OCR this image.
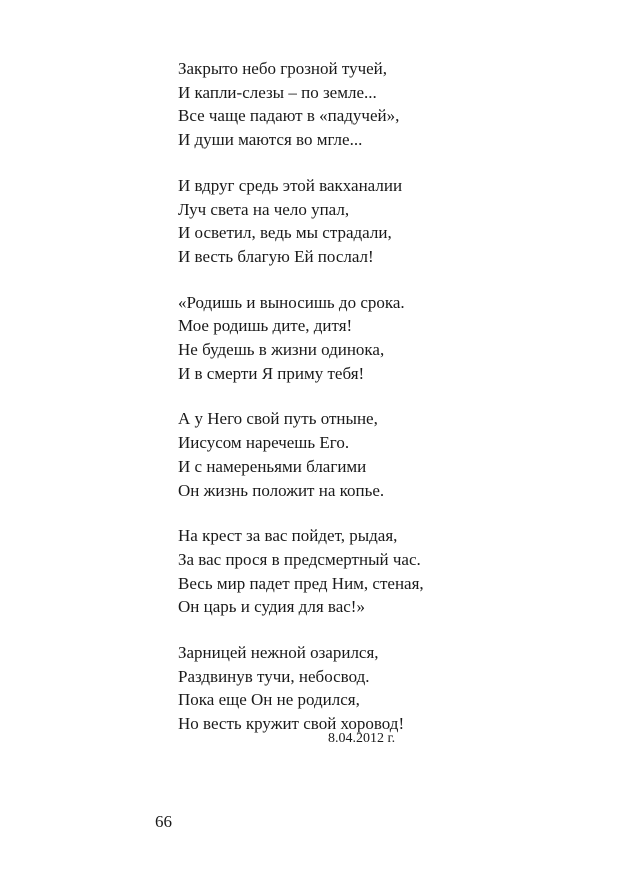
Закрыто небо грозной тучей,
И капли-слезы – по земле...
Все чаще падают в «падучей»,
И души маются во мгле...
И вдруг средь этой вакханалии
Луч света на чело упал,
И осветил, ведь мы страдали,
И весть благую Ей послал!
«Родишь и выносишь до срока.
Мое родишь дите, дитя!
Не будешь в жизни одинока,
И в смерти Я приму тебя!
А у Него свой путь отныне,
Иисусом наречешь Его.
И с намереньями благими
Он жизнь положит на копье.
На крест за вас пойдет, рыдая,
За вас прося в предсмертный час.
Весь мир падет пред Ним, стеная,
Он царь и судия для вас!»
Зарницей нежной озарился,
Раздвинув тучи, небосвод.
Пока еще Он не родился,
Но весть кружит свой хоровод!
8.04.2012 г.
66
